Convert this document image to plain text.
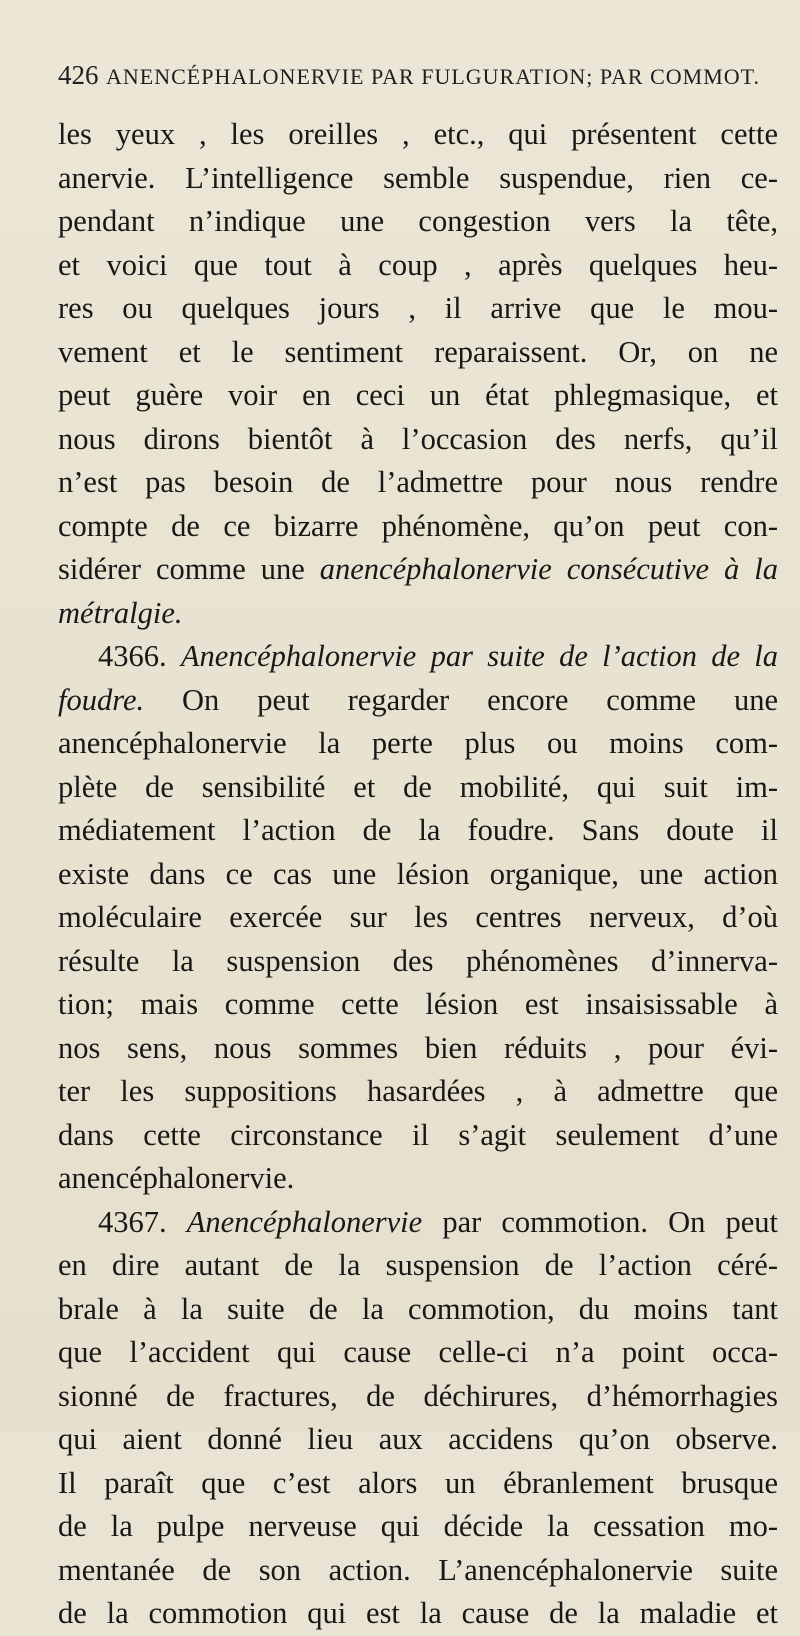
426 ANENCÉPHALONERVIE PAR FULGURATION; PAR COMMOT.
les yeux , les oreilles , etc., qui présentent cette
anervie. L’intelligence semble suspendue, rien ce-
pendant n’indique une congestion vers la tête,
et voici que tout à coup , après quelques heu-
res ou quelques jours , il arrive que le mou-
vement et le sentiment reparaissent. Or, on ne
peut guère voir en ceci un état phlegmasique, et
nous dirons bientôt à l’occasion des nerfs, qu’il
n’est pas besoin de l’admettre pour nous rendre
compte de ce bizarre phénomène, qu’on peut con-
sidérer comme une anencéphalonervie consécutive à la
métralgie.
4366. Anencéphalonervie par suite de l’action de la
foudre. On peut regarder encore comme une
anencéphalonervie la perte plus ou moins com-
plète de sensibilité et de mobilité, qui suit im-
médiatement l’action de la foudre. Sans doute il
existe dans ce cas une lésion organique, une action
moléculaire exercée sur les centres nerveux, d’où
résulte la suspension des phénomènes d’innerva-
tion; mais comme cette lésion est insaisissable à
nos sens, nous sommes bien réduits , pour évi-
ter les suppositions hasardées , à admettre que
dans cette circonstance il s’agit seulement d’une
anencéphalonervie.
4367. Anencéphalonervie par commotion. On peut
en dire autant de la suspension de l’action céré-
brale à la suite de la commotion, du moins tant
que l’accident qui cause celle-ci n’a point occa-
sionné de fractures, de déchirures, d’hémorrhagies
qui aient donné lieu aux accidens qu’on observe.
Il paraît que c’est alors un ébranlement brusque
de la pulpe nerveuse qui décide la cessation mo-
mentanée de son action. L’anencéphalonervie suite
de la commotion qui est la cause de la maladie et
